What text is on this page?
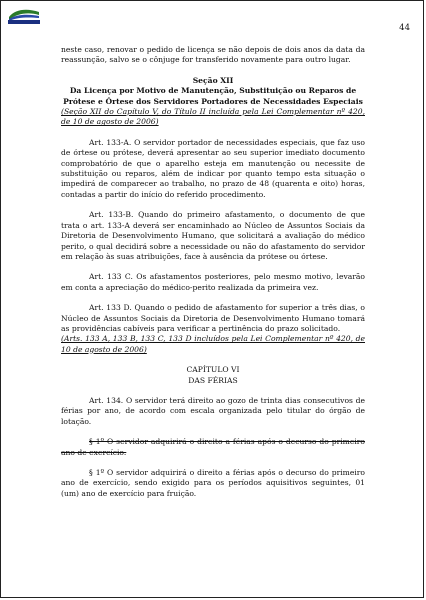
44

neste caso, renovar o pedido de licença se não depois de dois anos da data da reassunção, salvo se o cônjuge for transferido novamente para outro lugar.

Seção XII

Da Licença por Motivo de Manutenção, Substituição ou Reparos de Prótese e Órtese dos Servidores Portadores de Necessidades Especiais

(Seção XII do Capítulo V, do Título II incluída pela Lei Complementar nº 420, de 10 de agosto de 2006)

Art. 133-A. O servidor portador de necessidades especiais, que faz uso de órtese ou prótese, deverá apresentar ao seu superior imediato documento comprobatório de que o aparelho esteja em manutenção ou necessite de substituição ou reparos, além de indicar por quanto tempo esta situação o impedirá de comparecer ao trabalho, no prazo de 48 (quarenta e oito) horas, contadas a partir do início do referido procedimento.

Art. 133-B. Quando do primeiro afastamento, o documento de que trata o art. 133-A deverá ser encaminhado ao Núcleo de Assuntos Sociais da Diretoria de Desenvolvimento Humano, que solicitará a avaliação do médico perito, o qual decidirá sobre a necessidade ou não do afastamento do servidor em relação às suas atribuições, face à ausência da prótese ou órtese.

Art. 133 C. Os afastamentos posteriores, pelo mesmo motivo, levarão em conta a apreciação do médico-perito realizada da primeira vez.

Art. 133 D. Quando o pedido de afastamento for superior a três dias, o Núcleo de Assuntos Sociais da Diretoria de Desenvolvimento Humano tomará as providências cabíveis para verificar a pertinência do prazo solicitado.

(Arts. 133 A, 133 B, 133 C, 133 D incluídos pela Lei Complementar nº 420, de 10 de agosto de 2006)

CAPÍTULO VI

DAS FÉRIAS

Art. 134. O servidor terá direito ao gozo de trinta dias consecutivos de férias por ano, de acordo com escala organizada pelo titular do órgão de lotação.

§ 1º O servidor adquirirá o direito a férias após o decurso do primeiro ano de exercício.

§ 1º O servidor adquirirá o direito a férias após o decurso do primeiro ano de exercício, sendo exigido para os períodos aquisitivos seguintes, 01 (um) ano de exercício para fruição.
